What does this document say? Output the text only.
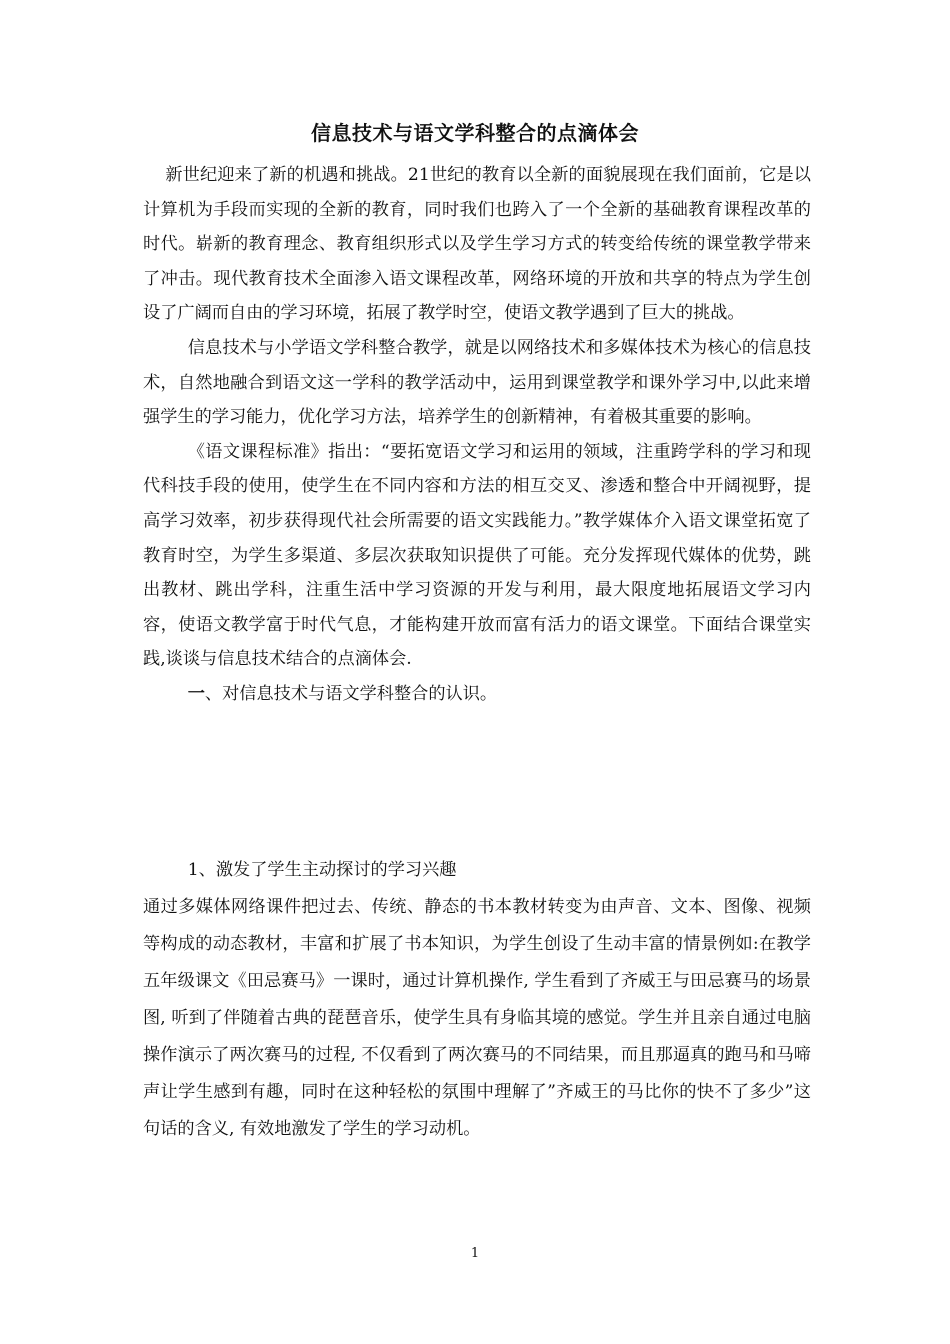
信息技术与语文学科整合的点滴体会

新世纪迎来了新的机遇和挑战。21世纪的教育以全新的面貌展现在我们面前，它是以计算机为手段而实现的全新的教育，同时我们也跨入了一个全新的基础教育课程改革的时代。崭新的教育理念、教育组织形式以及学生学习方式的转变给传统的课堂教学带来了冲击。现代教育技术全面渗入语文课程改革，网络环境的开放和共享的特点为学生创设了广阔而自由的学习环境，拓展了教学时空，使语文教学遇到了巨大的挑战。

信息技术与小学语文学科整合教学，就是以网络技术和多媒体技术为核心的信息技术，自然地融合到语文这一学科的教学活动中，运用到课堂教学和课外学习中,以此来增强学生的学习能力，优化学习方法，培养学生的创新精神，有着极其重要的影响。

《语文课程标准》指出：“要拓宽语文学习和运用的领域，注重跨学科的学习和现代科技手段的使用，使学生在不同内容和方法的相互交叉、渗透和整合中开阔视野，提高学习效率，初步获得现代社会所需要的语文实践能力。”教学媒体介入语文课堂拓宽了教育时空，为学生多渠道、多层次获取知识提供了可能。充分发挥现代媒体的优势，跳出教材、跳出学科，注重生活中学习资源的开发与利用，最大限度地拓展语文学习内容，使语文教学富于时代气息，才能构建开放而富有活力的语文课堂。下面结合课堂实践,谈谈与信息技术结合的点滴体会.

一、对信息技术与语文学科整合的认识。

1、激发了学生主动探讨的学习兴趣

通过多媒体网络课件把过去、传统、静态的书本教材转变为由声音、文本、图像、视频等构成的动态教材，丰富和扩展了书本知识，为学生创设了生动丰富的情景例如:在教学五年级课文《田忌赛马》一课时，通过计算机操作, 学生看到了齐威王与田忌赛马的场景图, 听到了伴随着古典的琵琶音乐，使学生具有身临其境的感觉。学生并且亲自通过电脑操作演示了两次赛马的过程, 不仅看到了两次赛马的不同结果，而且那逼真的跑马和马啼声让学生感到有趣，同时在这种轻松的氛围中理解了”齐威王的马比你的快不了多少”这句话的含义, 有效地激发了学生的学习动机。

1
